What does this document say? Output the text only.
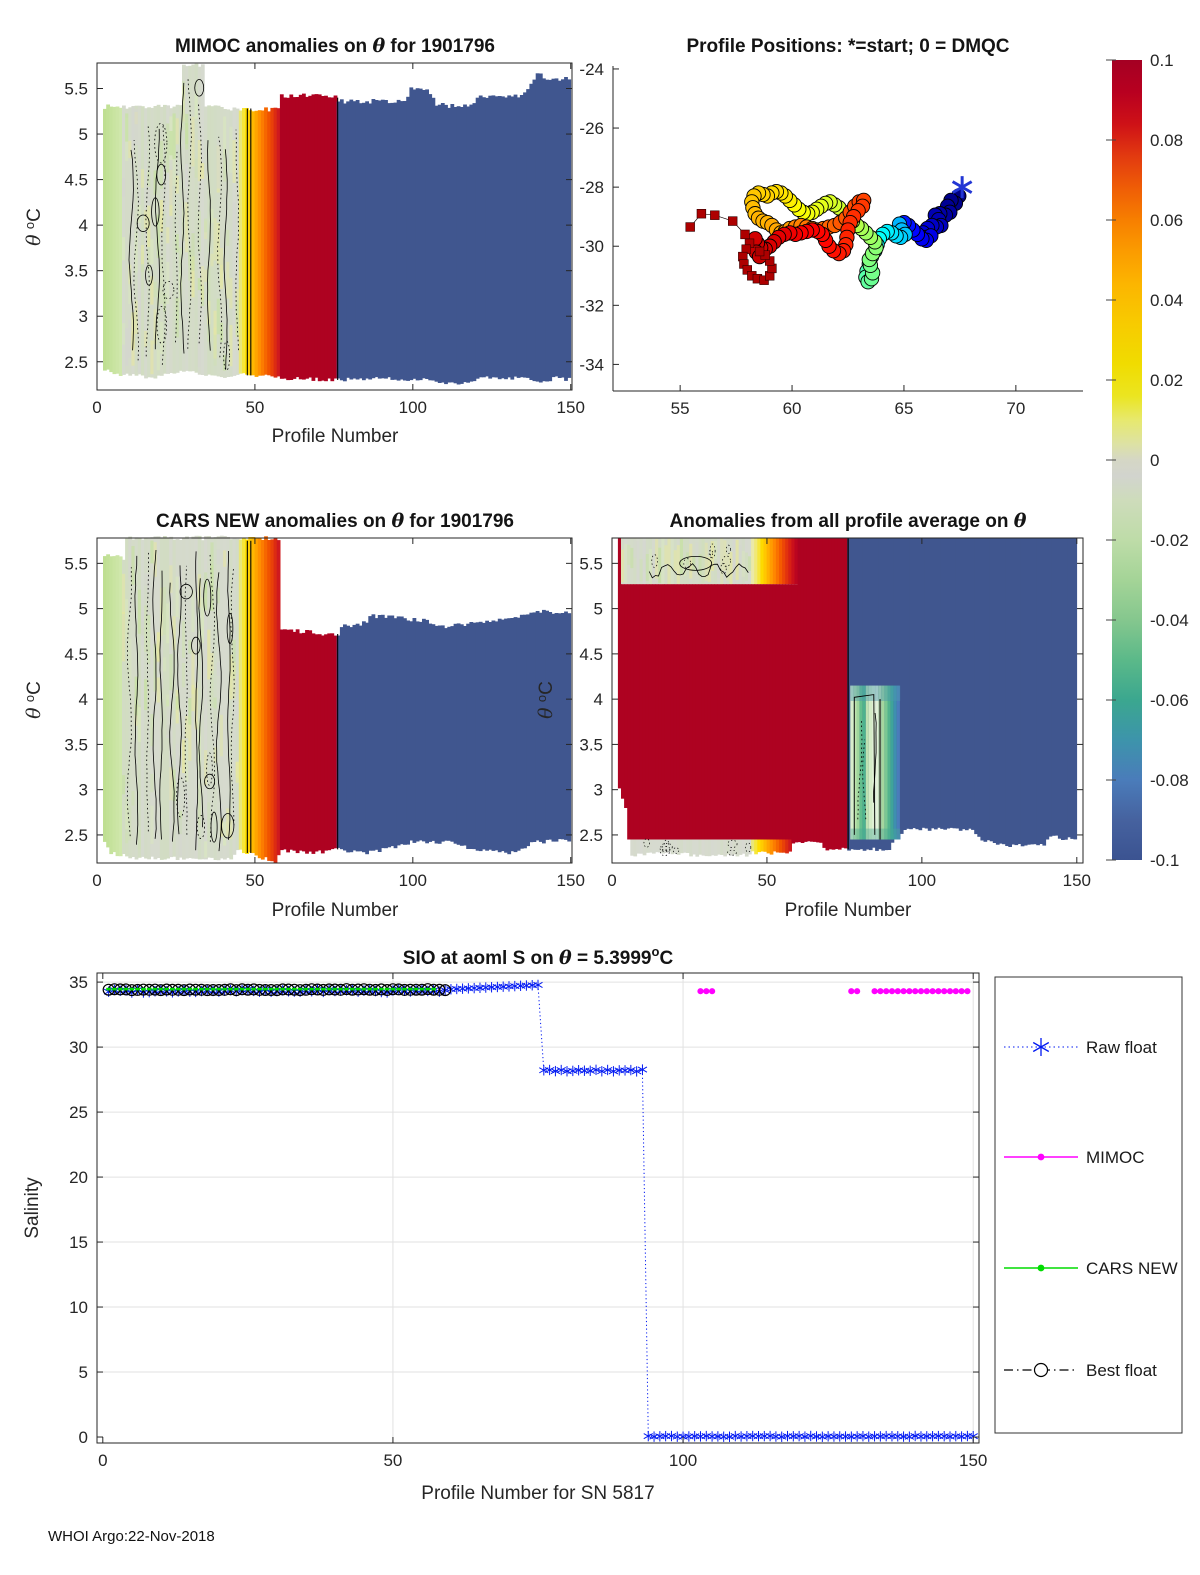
0	50	100	150
2.5
3
3.5
4
4.5
5
5.5
MIMOC anomalies on θ for 1901796
Profile Number
θ $^o$C
55	60	65	70
-34
-32
-30
-28
-26
-24
Profile Positions: *=start; 0 = DMQC
0.1
0.08
0.06
0.04
0.02
0
-0.02
-0.04
-0.06
-0.08
-0.1
0	50	100	150
2.5
3
3.5
4
4.5
5
5.5
CARS NEW anomalies on θ for 1901796
Profile Number
θ $^o$C
0	50	100	150
2.5
3
3.5
4
4.5
5
5.5
Anomalies from all profile average on θ
Profile Number
θ $^o$C
0	50	100	150
0
5
10
15
20
25
30
35
SIO at aoml S on $\theta = 5.3999^oC$
Profile Number for SN 5817
Salinity
Raw float
MIMOC
CARS NEW
Best float
WHOI Argo:22-Nov-2018
